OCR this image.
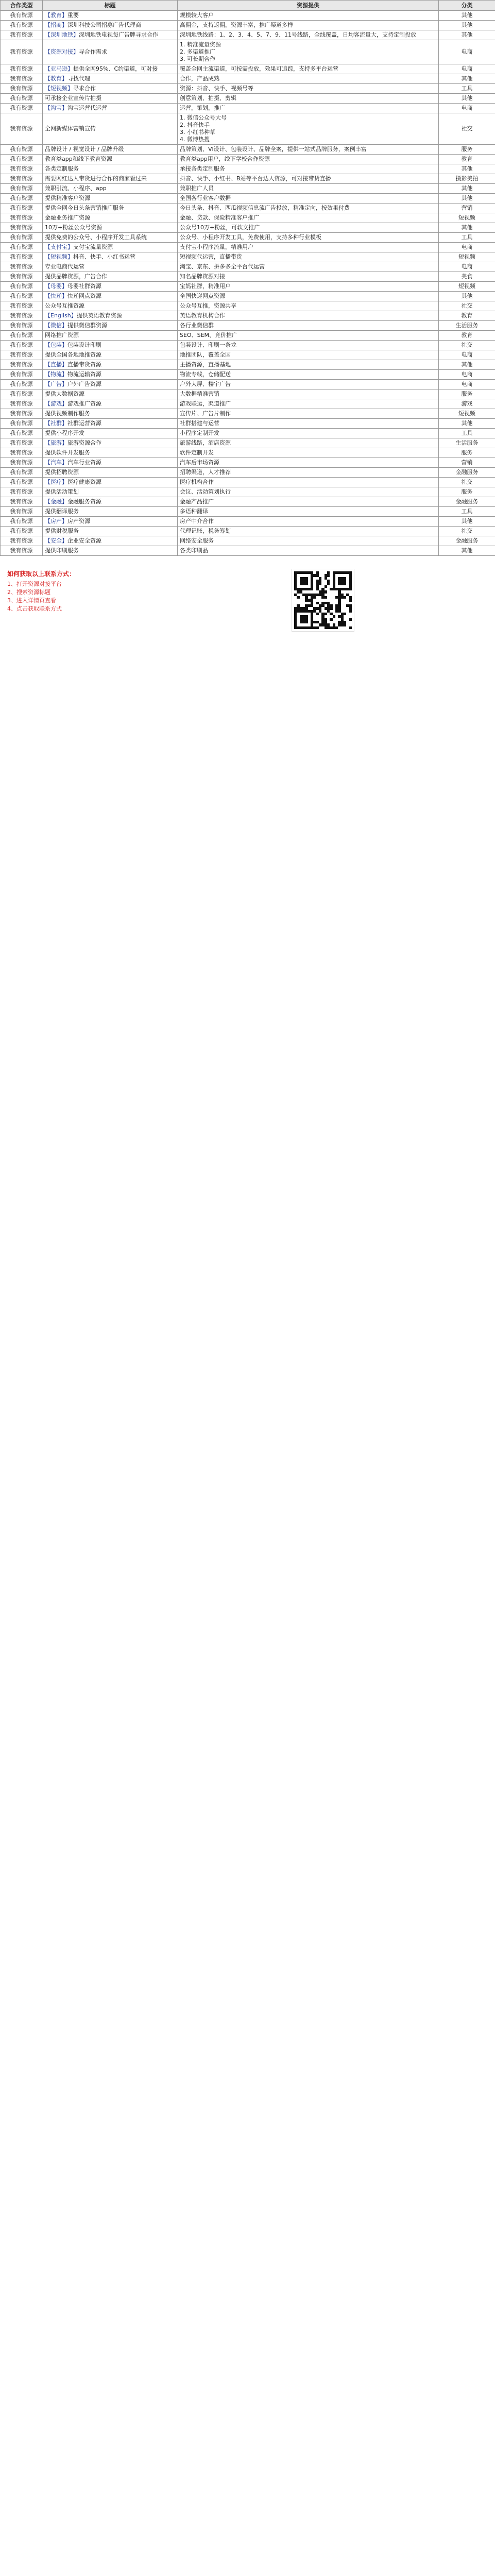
合作类型	标题	资源提供	分类
我有资源	【教育】重要	规模较大客户	其他
我有资源	【招商】深圳科技公司招募广告代理商	高佣金，支持返佣，资源丰富，推广渠道多样	其他
我有资源	【深圳地铁】深圳地铁电视每广告牌寻求合作	深圳地铁线路：1、2、3、4、5、7、9、11号线路，全线覆盖，日均客流量大，支持定制投放	其他
我有资源	【资源对接】寻合作需求	1. 精准流量资源
2. 多渠道推广
3. 可长期合作	电商
我有资源	【亚马逊】提供全网95%、C约渠道，可对接	覆盖全网主流渠道，可按需投放，效果可追踪，支持多平台运营	电商
我有资源	【教育】寻找代理	合作，产品成熟	其他
我有资源	【短视频】寻求合作	资源：抖音、快手、视频号等	工具
我有资源	可承接企业宣传片拍摄	创意策划、拍摄、剪辑	其他
我有资源	【淘宝】淘宝运营代运营	运营，策划，推广	电商
我有资源	全网新媒体营销宣传	1. 微信公众号大号
2. 抖音快手
3. 小红书种草
4. 微博热搜	社交
我有资源	品牌设计 / 视觉设计 / 品牌升级	品牌策划、VI设计、包装设计、品牌全案，提供一站式品牌服务，案例丰富	服务
我有资源	教育类app和线下教育资源	教育类app用户，线下学校合作资源	教育
我有资源	各类定制服务	承接各类定制服务	其他
我有资源	需要网红达人带货进行合作的商家看过来	抖音、快手、小红书、B站等平台达人资源，可对接带货直播	摄影美拍
我有资源	兼职引流、小程序、app	兼职推广人员	其他
我有资源	提供精准客户资源	全国各行业客户数据	其他
我有资源	提供全网今日头条营销推广服务	今日头条、抖音、西瓜视频信息流广告投放，精准定向，按效果付费	营销
我有资源	金融业务推广资源	金融、贷款、保险精准客户推广	短视频
我有资源	10万+粉丝公众号资源	公众号10万+粉丝，可软文推广	其他
我有资源	提供免费的公众号、小程序开发工具系统	公众号、小程序开发工具，免费使用，支持多种行业模板	工具
我有资源	【支付宝】支付宝流量资源	支付宝小程序流量，精准用户	电商
我有资源	【短视频】抖音、快手、小红书运营	短视频代运营，直播带货	短视频
我有资源	专业电商代运营	淘宝、京东、拼多多全平台代运营	电商
我有资源	提供品牌资源，广告合作	知名品牌资源对接	美食
我有资源	【母婴】母婴社群资源	宝妈社群，精准用户	短视频
我有资源	【快递】快递网点资源	全国快递网点资源	其他
我有资源	公众号互推资源	公众号互推，资源共享	社交
我有资源	【English】提供英语教育资源	英语教育机构合作	教育
我有资源	【微信】提供微信群资源	各行业微信群	生活服务
我有资源	网络推广资源	SEO、SEM、竞价推广	教育
我有资源	【包装】包装设计印刷	包装设计、印刷一条龙	社交
我有资源	提供全国各地地推资源	地推团队，覆盖全国	电商
我有资源	【直播】直播带货资源	主播资源，直播基地	其他
我有资源	【物流】物流运输资源	物流专线，仓储配送	电商
我有资源	【广告】户外广告资源	户外大屏、楼宇广告	电商
我有资源	提供大数据资源	大数据精准营销	服务
我有资源	【游戏】游戏推广资源	游戏联运，渠道推广	游戏
我有资源	提供视频制作服务	宣传片、广告片制作	短视频
我有资源	【社群】社群运营资源	社群搭建与运营	其他
我有资源	提供小程序开发	小程序定制开发	工具
我有资源	【旅游】旅游资源合作	旅游线路，酒店资源	生活服务
我有资源	提供软件开发服务	软件定制开发	服务
我有资源	【汽车】汽车行业资源	汽车后市场资源	营销
我有资源	提供招聘资源	招聘渠道，人才推荐	金融服务
我有资源	【医疗】医疗健康资源	医疗机构合作	社交
我有资源	提供活动策划	会议、活动策划执行	服务
我有资源	【金融】金融服务资源	金融产品推广	金融服务
我有资源	提供翻译服务	多语种翻译	工具
我有资源	【房产】房产资源	房产中介合作	其他
我有资源	提供财税服务	代理记账，税务筹划	社交
我有资源	【安全】企业安全资源	网络安全服务	金融服务
我有资源	提供印刷服务	各类印刷品	其他
如何获取以上联系方式：
1、打开资源对接平台
2、搜索资源标题
3、进入详情页查看
4、点击获取联系方式
